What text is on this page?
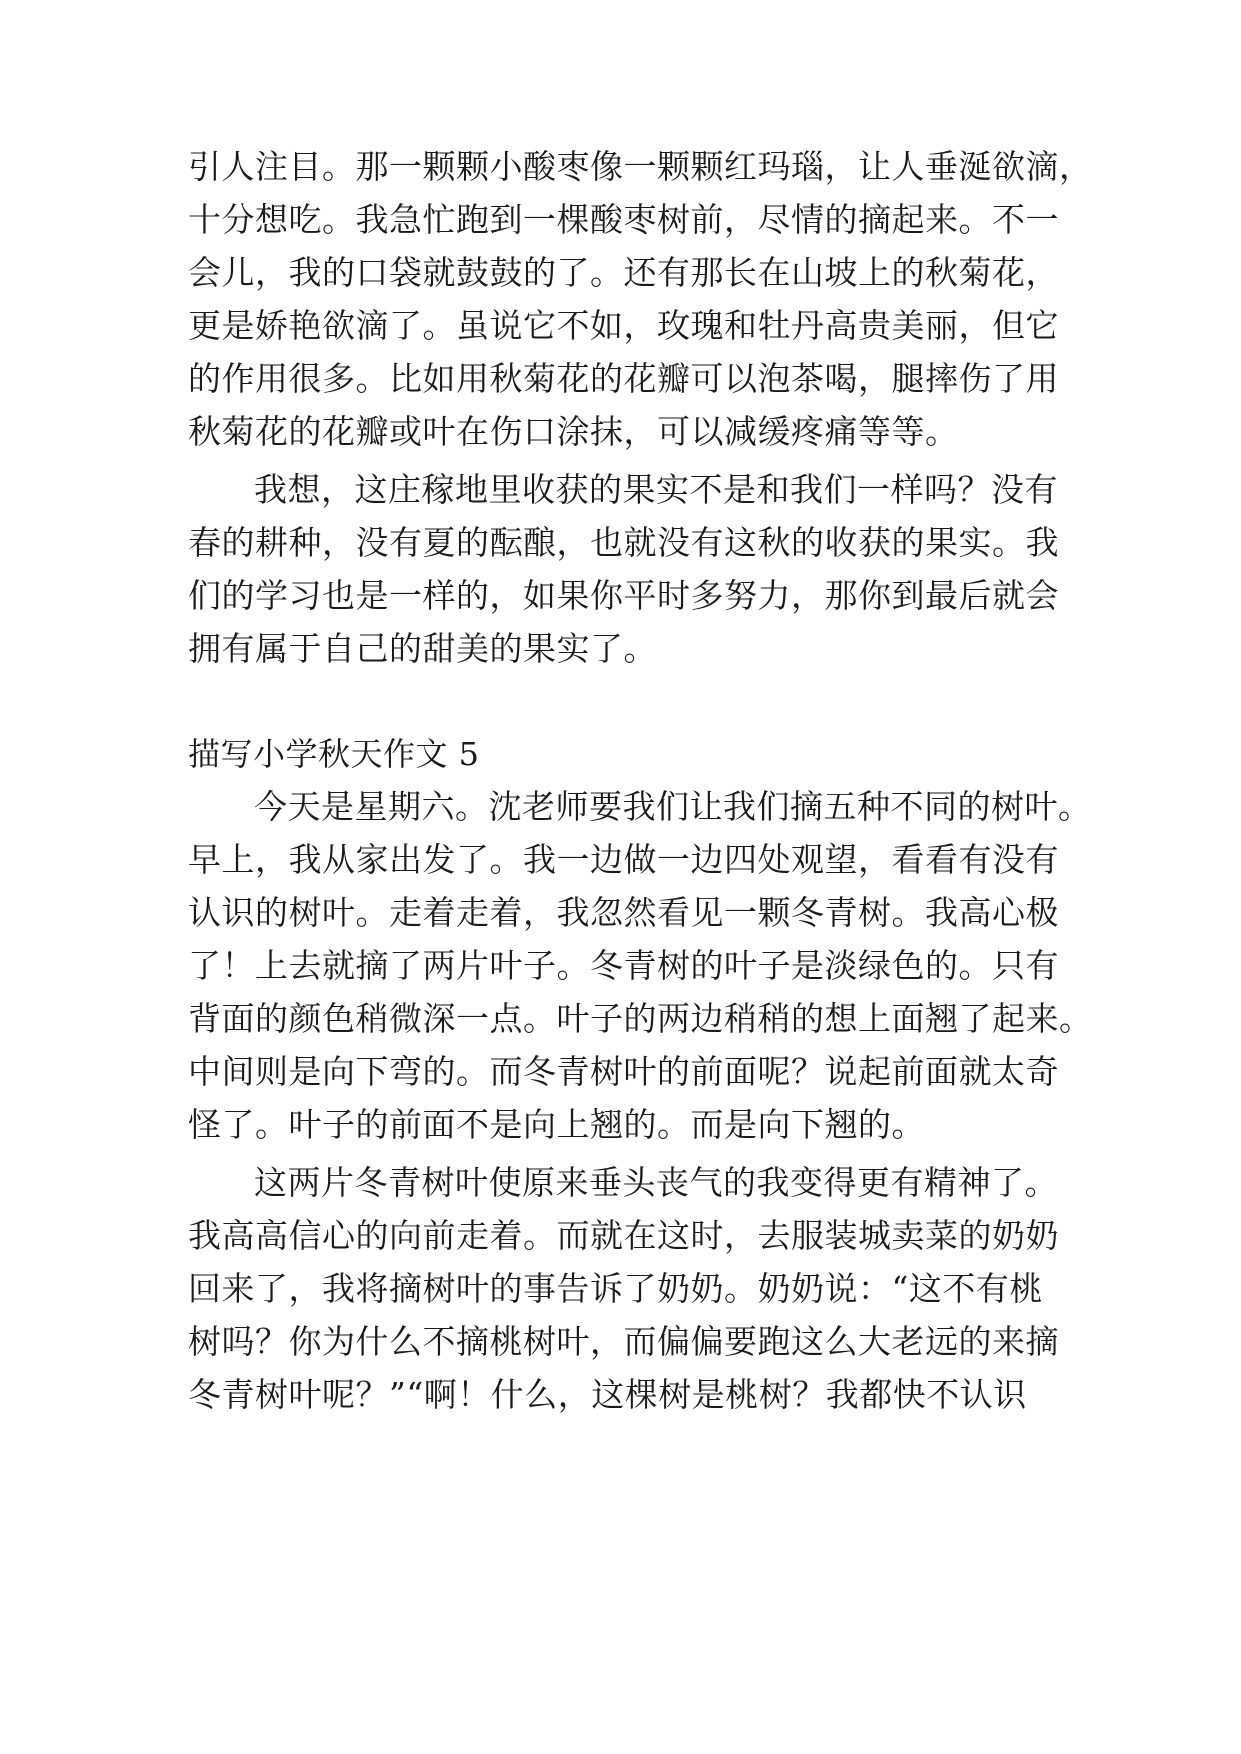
引人注目。那一颗颗小酸枣像一颗颗红玛瑙，让人垂涎欲滴，
十分想吃。我急忙跑到一棵酸枣树前，尽情的摘起来。不一
会儿，我的口袋就鼓鼓的了。还有那长在山坡上的秋菊花，
更是娇艳欲滴了。虽说它不如，玫瑰和牡丹高贵美丽，但它
的作用很多。比如用秋菊花的花瓣可以泡茶喝，腿摔伤了用
秋菊花的花瓣或叶在伤口涂抹，可以减缓疼痛等等。
我想，这庄稼地里收获的果实不是和我们一样吗？没有
春的耕种，没有夏的酝酿，也就没有这秋的收获的果实。我
们的学习也是一样的，如果你平时多努力，那你到最后就会
拥有属于自己的甜美的果实了。
描写小学秋天作文 5
今天是星期六。沈老师要我们让我们摘五种不同的树叶。
早上，我从家出发了。我一边做一边四处观望，看看有没有
认识的树叶。走着走着，我忽然看见一颗冬青树。我高心极
了！上去就摘了两片叶子。冬青树的叶子是淡绿色的。只有
背面的颜色稍微深一点。叶子的两边稍稍的想上面翘了起来。
中间则是向下弯的。而冬青树叶的前面呢？说起前面就太奇
怪了。叶子的前面不是向上翘的。而是向下翘的。
这两片冬青树叶使原来垂头丧气的我变得更有精神了。
我高高信心的向前走着。而就在这时，去服装城卖菜的奶奶
回来了，我将摘树叶的事告诉了奶奶。奶奶说：“这不有桃
树吗？你为什么不摘桃树叶，而偏偏要跑这么大老远的来摘
冬青树叶呢？”“啊！什么，这棵树是桃树？我都快不认识
